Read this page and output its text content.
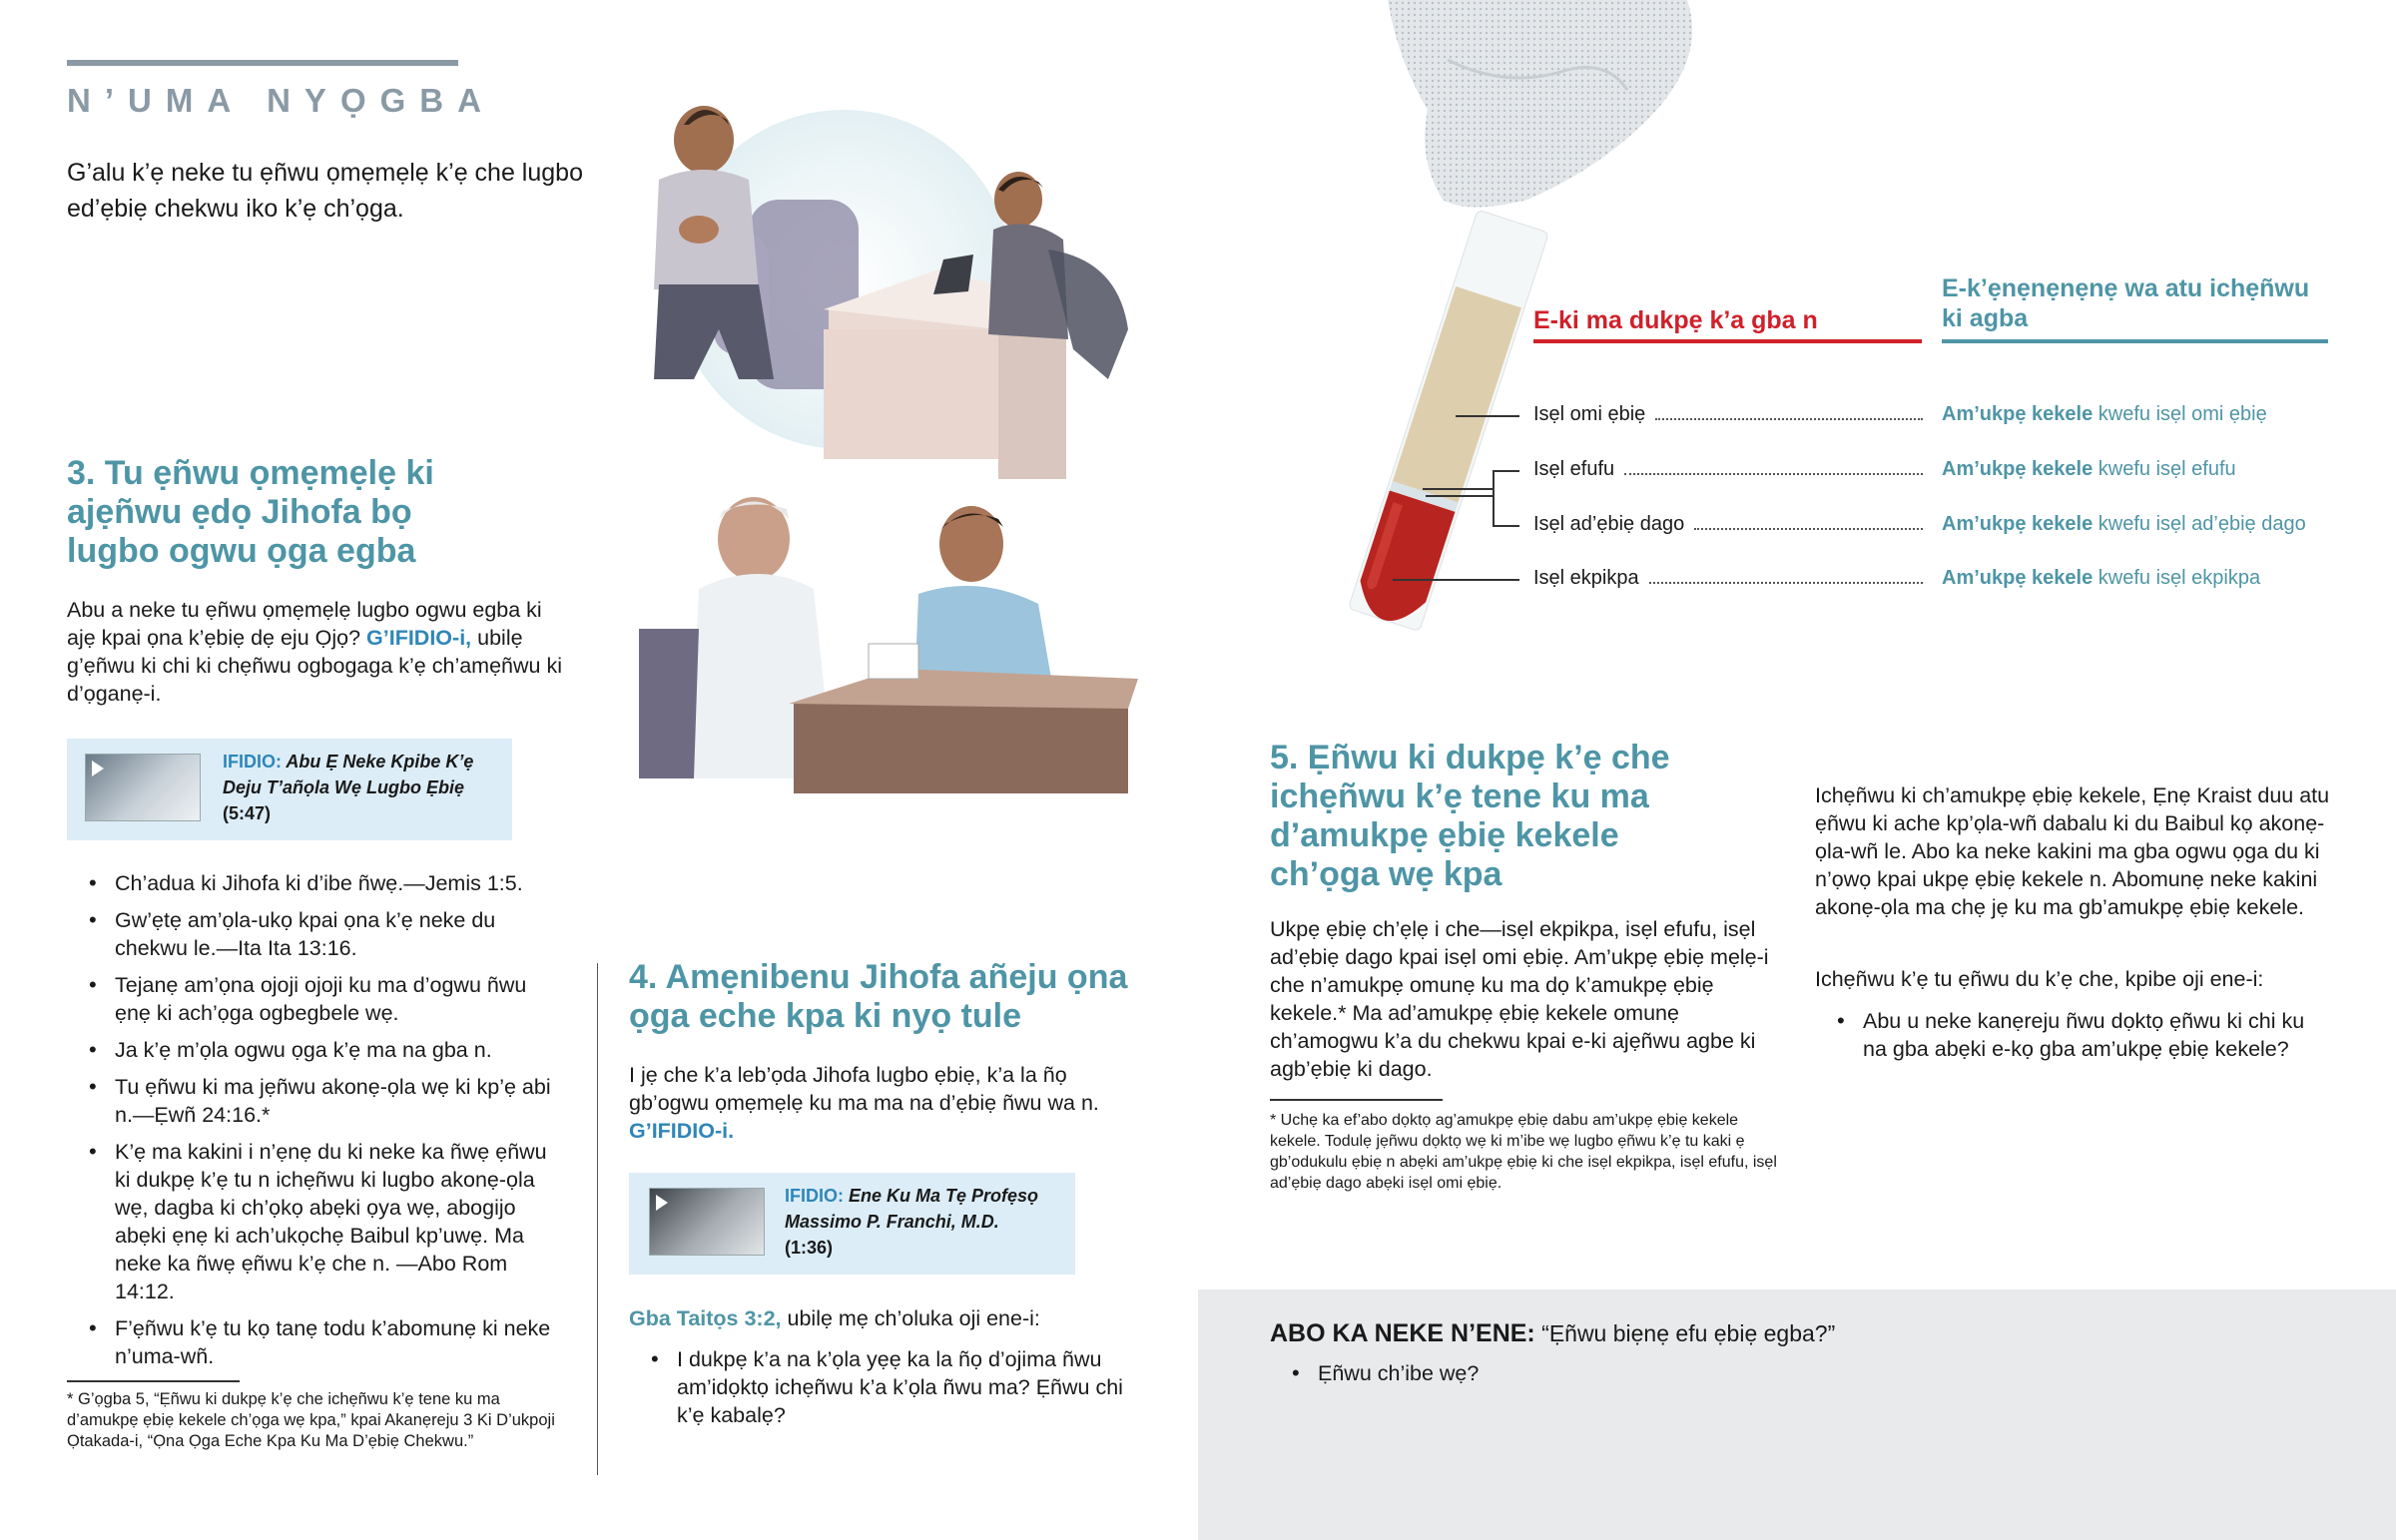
N’UMA NYỌGBA

G’alu k’ẹ neke tu ẹñwu ọmẹmẹlẹ k’ẹ che lugbo ed’ẹbiẹ chekwu iko k’ẹ ch’ọga.

3. Tu ẹñwu ọmẹmẹlẹ ki ajẹñwu ẹdọ Jihofa bọ lugbo ogwu ọga egba

Abu a neke tu ẹñwu ọmẹmẹlẹ lugbo ogwu egba ki ajẹ kpai ọna k’ẹbiẹ dẹ eju Ọjọ? G’IFIDIO-i, ubilẹ g’ẹñwu ki chi ki chẹñwu ogbogaga k’ẹ ch’amẹñwu ki d’ọganẹ-i.

IFIDIO: Abu Ẹ Neke Kpibe K’ẹ Deju T’añọla Wẹ Lugbo Ẹbiẹ
(5:47)
• Ch’adua ki Jihofa ki d’ibe ñwẹ.—Jemis 1:5.
• Gw’ẹtẹ am’ọla-ukọ kpai ọna k’ẹ neke du chekwu le.—Ita Ita 13:16.
• Tejanẹ am’ọna ojoji ojoji ku ma d’ogwu ñwu ẹnẹ ki ach’ọga ogbegbele wẹ.
• Ja k’ẹ m’ọla ogwu ọga k’ẹ ma na gba n.
• Tu ẹñwu ki ma jẹñwu akonẹ-ọla wẹ ki kp’ẹ abi n.—Ẹwñ 24:16.*
• K’ẹ ma kakini i n’ẹnẹ du ki neke ka ñwẹ ẹñwu ki dukpẹ k’ẹ tu n ichẹñwu ki lugbo akonẹ-ọla wẹ, dagba ki ch’ọkọ abẹki ọya wẹ, abogijo abẹki ẹnẹ ki ach’ukọchẹ Baibul kp’uwẹ. Ma neke ka ñwẹ ẹñwu k’ẹ che n. —Abo Rom 14:12.
• F’ẹñwu k’ẹ tu kọ tanẹ todu k’abomunẹ ki neke n’uma-wñ.

* G’ọgba 5, “Ẹñwu ki dukpẹ k’ẹ che ichẹñwu k’ẹ tene ku ma d’amukpẹ ẹbiẹ kekele ch’ọga wẹ kpa,” kpai Akanẹreju 3 Ki D’ukpoji Ọtakada-i, “Ọna Ọga Eche Kpa Ku Ma D’ẹbiẹ Chekwu.”

4. Amẹnibenu Jihofa añeju ọna ọga eche kpa ki nyọ tule

I jẹ che k’a leb’ọda Jihofa lugbo ẹbiẹ, k’a la ñọ gb’ogwu ọmẹmẹlẹ ku ma ma na d’ẹbiẹ ñwu wa n. G’IFIDIO-i.

IFIDIO: Ene Ku Ma Tẹ Profẹsọ Massimo P. Franchi, M.D.
(1:36)

Gba Taitọs 3:2, ubilẹ mẹ ch’oluka oji ene-i:

• I dukpẹ k’a na k’ọla yẹẹ ka la ñọ d’ojima ñwu am’idọktọ ichẹñwu k’a k’ọla ñwu ma? Ẹñwu chi k’ẹ kabalẹ?
E-ki ma dukpẹ k’a gba n
E-k’ẹnẹnẹnẹnẹ wa atu ichẹñwu ki agba
Isẹl omi ẹbiẹ
Isẹl efufu
Isẹl ad’ẹbiẹ dago
Isẹl ekpikpa
Am’ukpẹ kekele kwefu isẹl omi ẹbiẹ
Am’ukpẹ kekele kwefu isẹl efufu
Am’ukpẹ kekele kwefu isẹl ad’ẹbiẹ dago
Am’ukpẹ kekele kwefu isẹl ekpikpa
5. Ẹñwu ki dukpẹ k’ẹ che ichẹñwu k’ẹ tene ku ma d’amukpẹ ẹbiẹ kekele ch’ọga wẹ kpa

Ukpẹ ẹbiẹ ch’ẹlẹ i che—isẹl ekpikpa, isẹl efufu, isẹl ad’ẹbiẹ dago kpai isẹl omi ẹbiẹ. Am’ukpẹ ẹbiẹ mẹlẹ-i che n’amukpẹ omunẹ ku ma dọ k’amukpẹ ẹbiẹ kekele.* Ma ad’amukpẹ ẹbiẹ kekele omunẹ ch’amogwu k’a du chekwu kpai e-ki ajẹñwu agbe ki agb’ẹbiẹ ki dago.

* Uchẹ ka ef’abo dọktọ ag’amukpẹ ẹbiẹ dabu am’ukpẹ ẹbiẹ kekele kekele. Todulẹ jẹñwu dọktọ wẹ ki m’ibe wẹ lugbo ẹñwu k’ẹ tu kaki ẹ gb’odukulu ẹbiẹ n abẹki am’ukpẹ ẹbiẹ ki che isẹl ekpikpa, isẹl efufu, isẹl ad’ẹbiẹ dago abẹki isẹl omi ẹbiẹ.

Ichẹñwu ki ch’amukpẹ ẹbiẹ kekele, Ẹnẹ Kraist duu atu ẹñwu ki ache kp’ọla-wñ dabalu ki du Baibul kọ akonẹ-ọla-wñ le. Abo ka neke kakini ma gba ogwu ọga du ki n’ọwọ kpai ukpẹ ẹbiẹ kekele n. Abomunẹ neke kakini akonẹ-ọla ma chẹ jẹ ku ma gb’amukpẹ ẹbiẹ kekele.

Ichẹñwu k’ẹ tu ẹñwu du k’ẹ che, kpibe oji ene-i:

• Abu u neke kanẹreju ñwu dọktọ ẹñwu ki chi ku na gba abẹki e-kọ gba am’ukpẹ ẹbiẹ kekele?
ABO KA NEKE N’ENE: “Ẹñwu biẹnẹ efu ẹbiẹ egba?”
• Ẹñwu ch’ibe wẹ?
